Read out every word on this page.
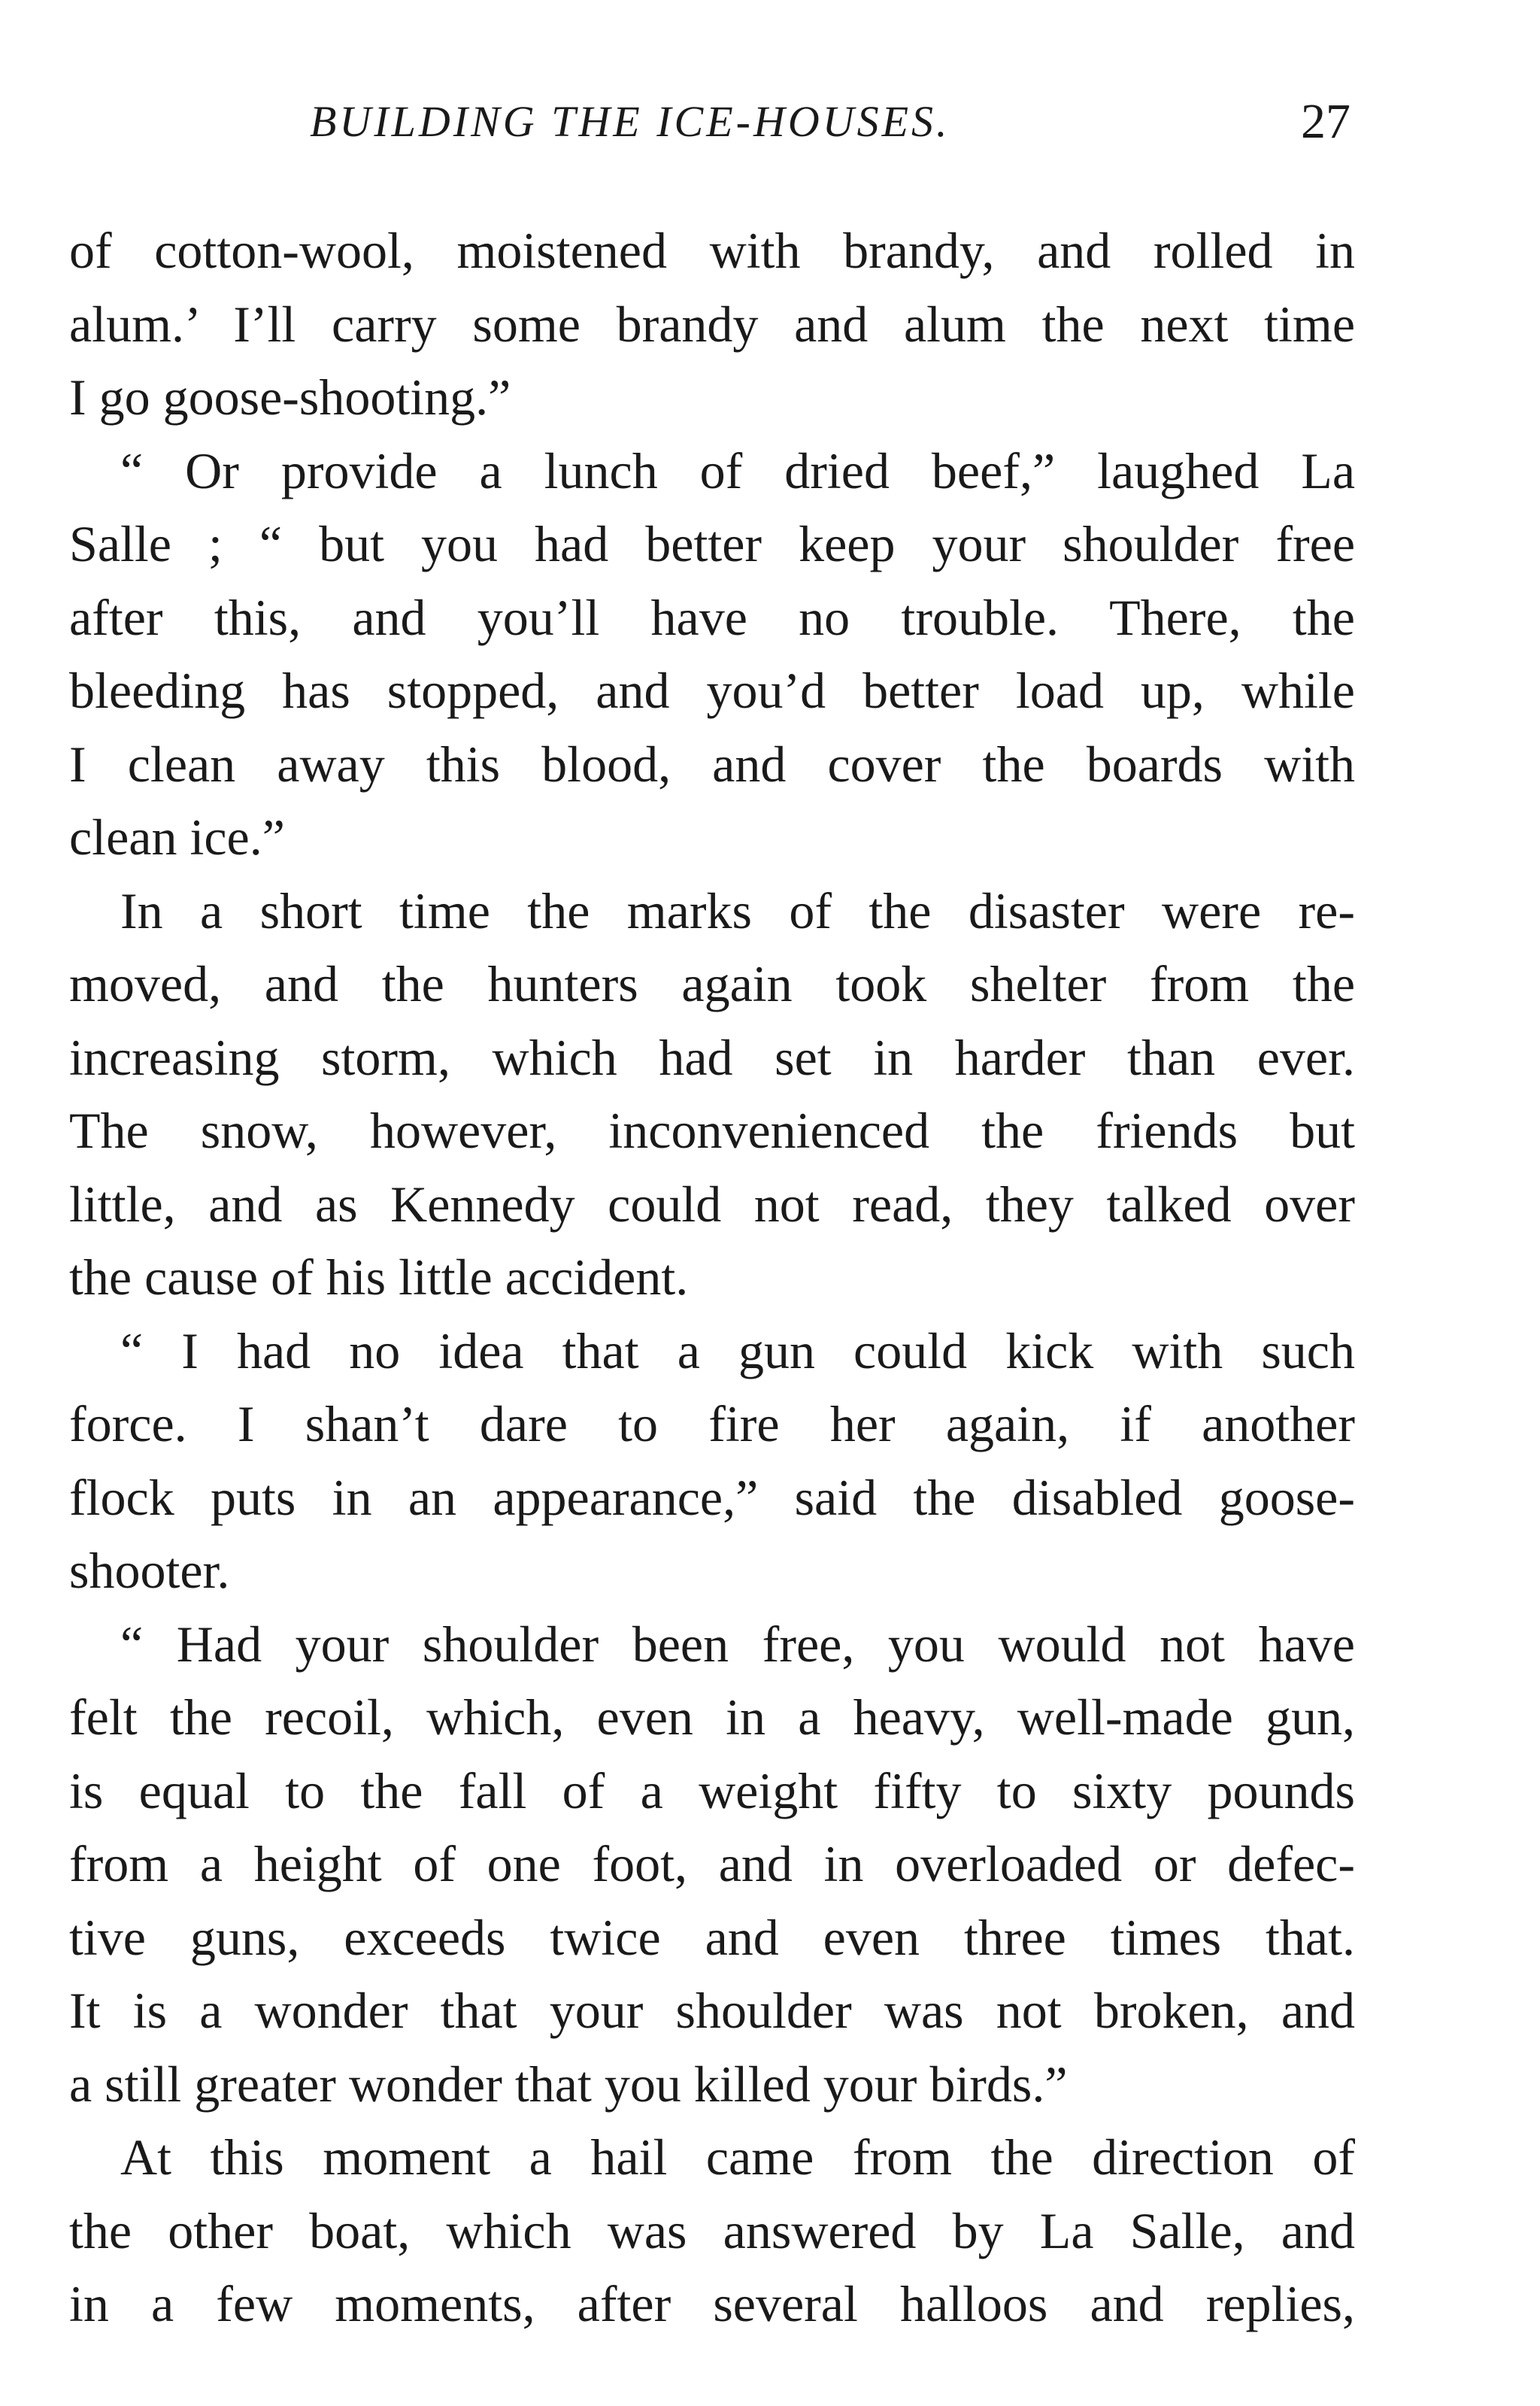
BUILDING THE ICE-HOUSES.	27
of cotton-wool, moistened with brandy, and rolled in
alum.’ I’ll carry some brandy and alum the next time
I go goose-shooting.”
“ Or provide a lunch of dried beef,” laughed La
Salle ; “ but you had better keep your shoulder free
after this, and you’ll have no trouble. There, the
bleeding has stopped, and you’d better load up, while
I clean away this blood, and cover the boards with
clean ice.”
In a short time the marks of the disaster were re-
moved, and the hunters again took shelter from the
increasing storm, which had set in harder than ever.
The snow, however, inconvenienced the friends but
little, and as Kennedy could not read, they talked over
the cause of his little accident.
“ I had no idea that a gun could kick with such
force. I shan’t dare to fire her again, if another
flock puts in an appearance,” said the disabled goose-
shooter.
“ Had your shoulder been free, you would not have
felt the recoil, which, even in a heavy, well-made gun,
is equal to the fall of a weight fifty to sixty pounds
from a height of one foot, and in overloaded or defec-
tive guns, exceeds twice and even three times that.
It is a wonder that your shoulder was not broken, and
a still greater wonder that you killed your birds.”
At this moment a hail came from the direction of
the other boat, which was answered by La Salle, and
in a few moments, after several halloos and replies,
